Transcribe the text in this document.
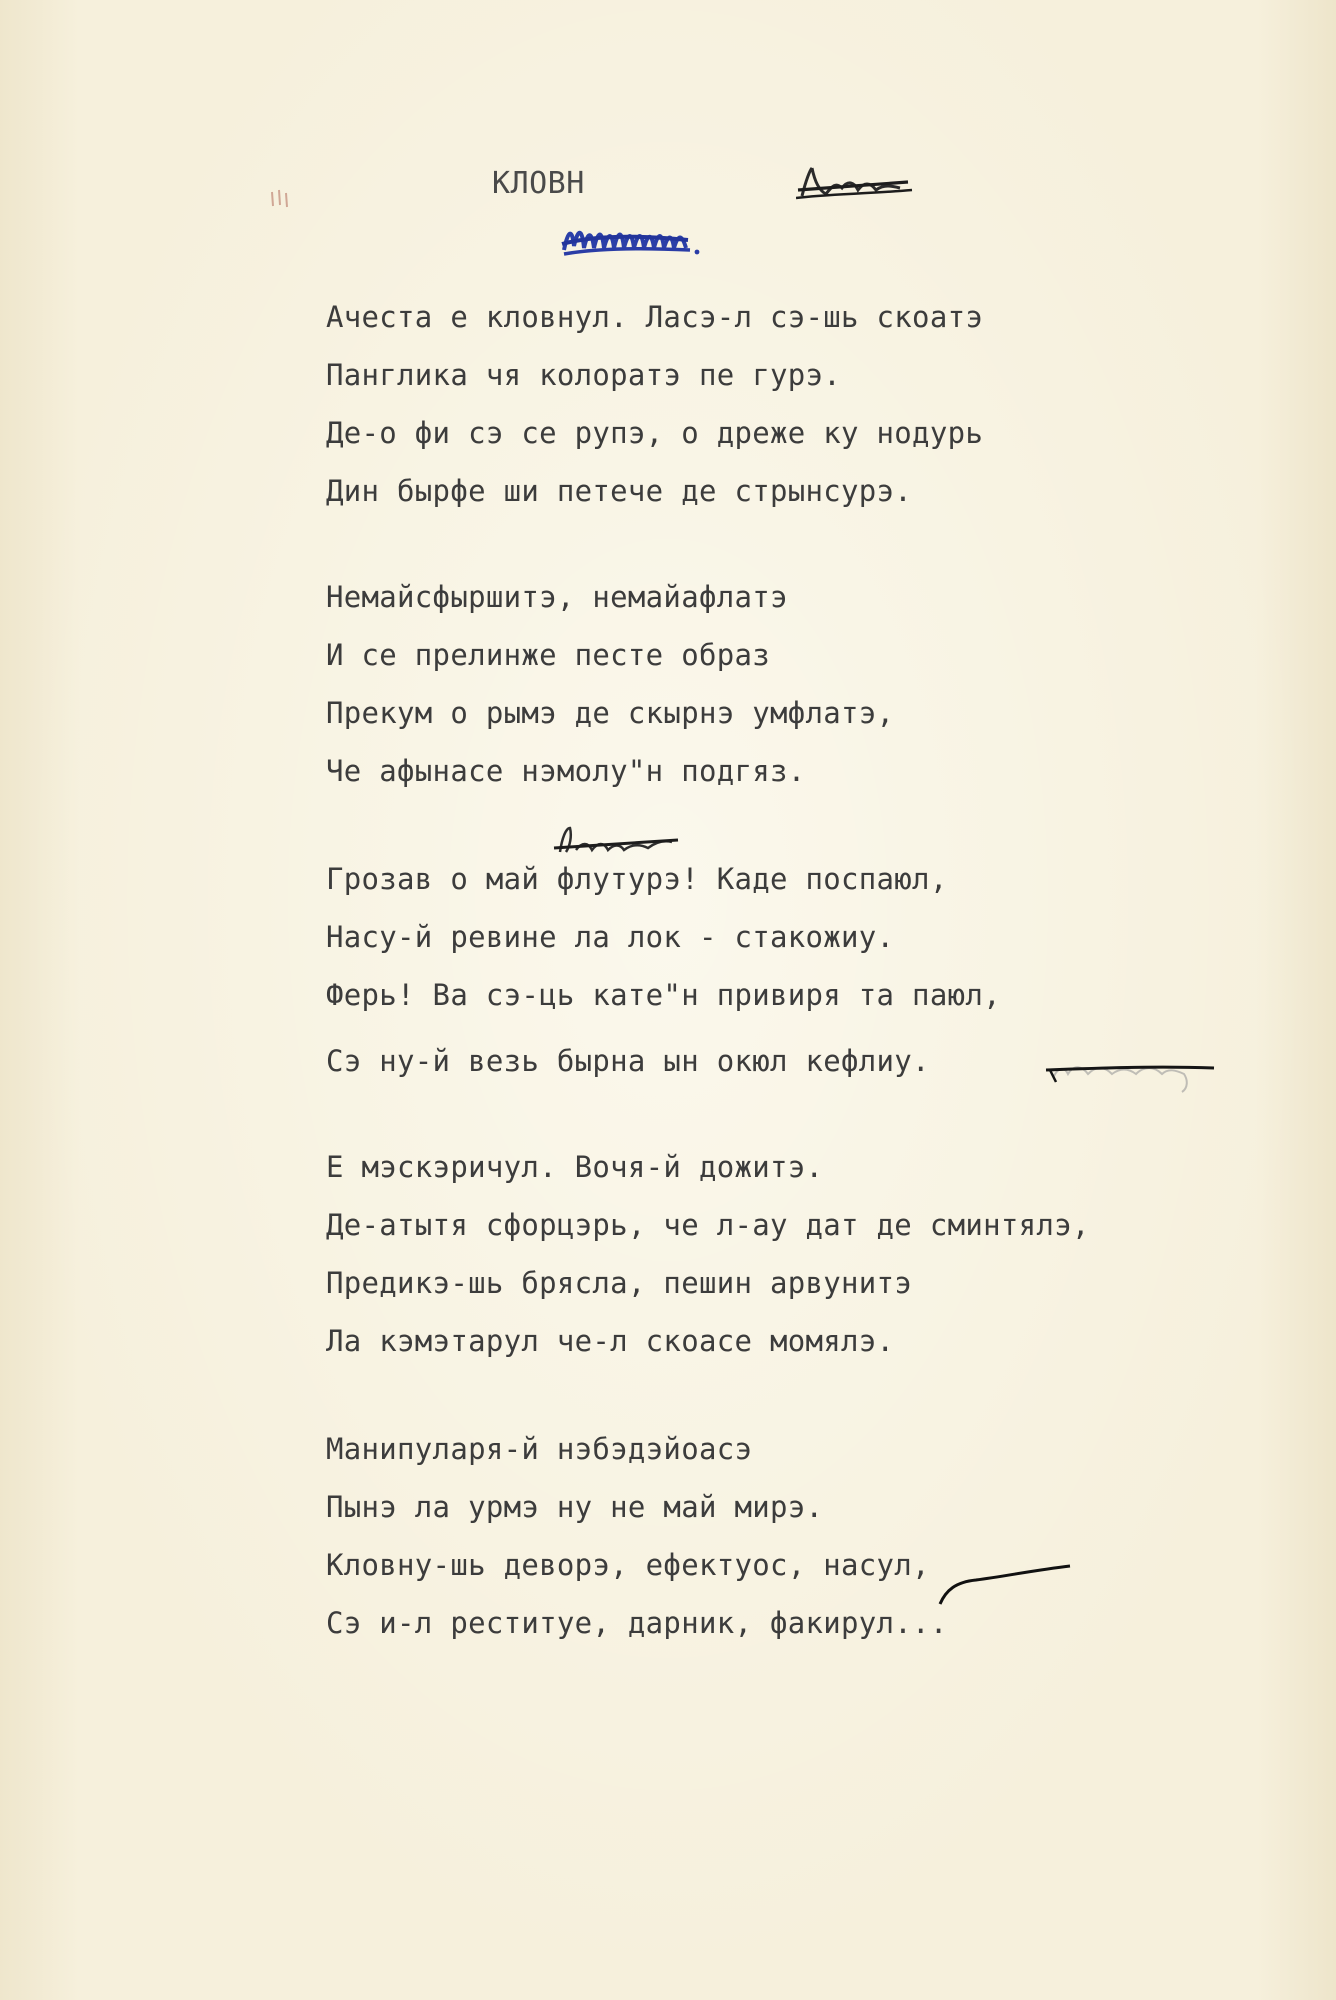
КЛОВН
Ачеста е кловнул. Ласэ-л сэ-шь скоатэ
Панглика чя колоратэ пе гурэ.
Де-о фи сэ се рупэ, о дреже ку нодурь
Дин бырфе ши петече де стрынсурэ.
Немайсфыршитэ, немайафлатэ
И се прелинже песте образ
Прекум о рымэ де скырнэ умфлатэ,
Че афынасе нэмолу"н подгяз.
Грозав о май флутурэ! Каде поспаюл,
Насу-й ревине ла лок - стакожиу.
Ферь! Ва сэ-ць кате"н привиря та паюл,
Сэ ну-й везь бырна ын окюл кефлиу.
Е мэскэричул. Вочя-й дожитэ.
Де-атытя сфорцэрь, че л-ау дат де сминтялэ,
Предикэ-шь брясла, пешин арвунитэ
Ла кэмэтарул че-л скоасе момялэ.
Манипуларя-й нэбэдэйоасэ
Пынэ ла урмэ ну не май мирэ.
Кловну-шь деворэ, ефектуос, насул,
Сэ и-л реституе, дарник, факирул...
